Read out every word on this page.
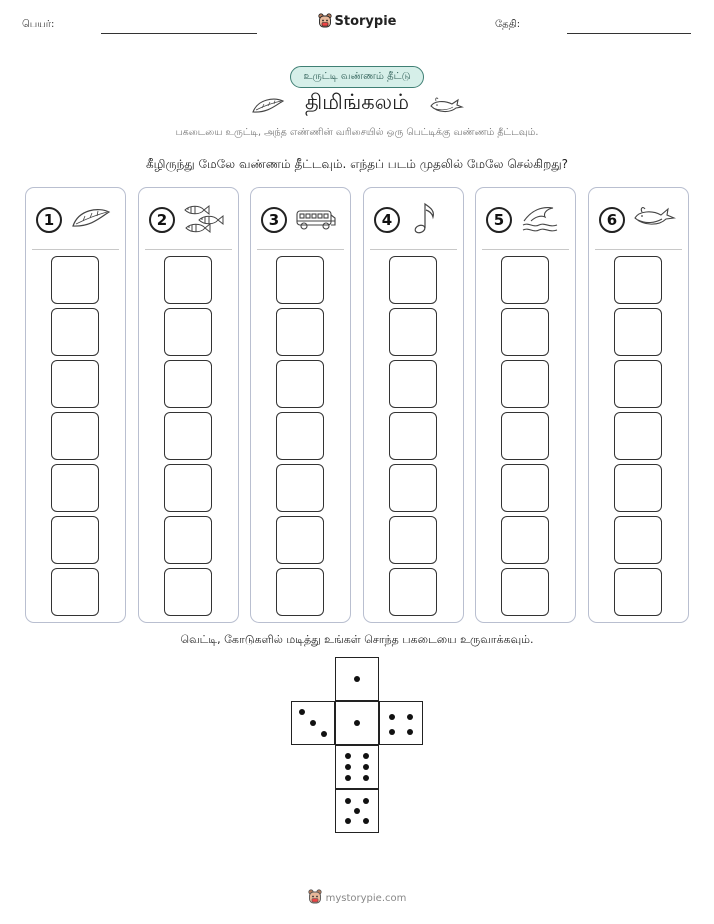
பெயர்:	Storypie	தேதி:
உருட்டி வண்ணம் தீட்டு
திமிங்கலம்
பகடையை உருட்டி, அந்த எண்ணின் வரிசையில் ஒரு பெட்டிக்கு வண்ணம் தீட்டவும்.
கீழிருந்து மேலே வண்ணம் தீட்டவும். எந்தப் படம் முதலில் மேலே செல்கிறது?
1	2	3	4	5	6
வெட்டி, கோடுகளில் மடித்து உங்கள் சொந்த பகடையை உருவாக்கவும்.
mystorypie.com
